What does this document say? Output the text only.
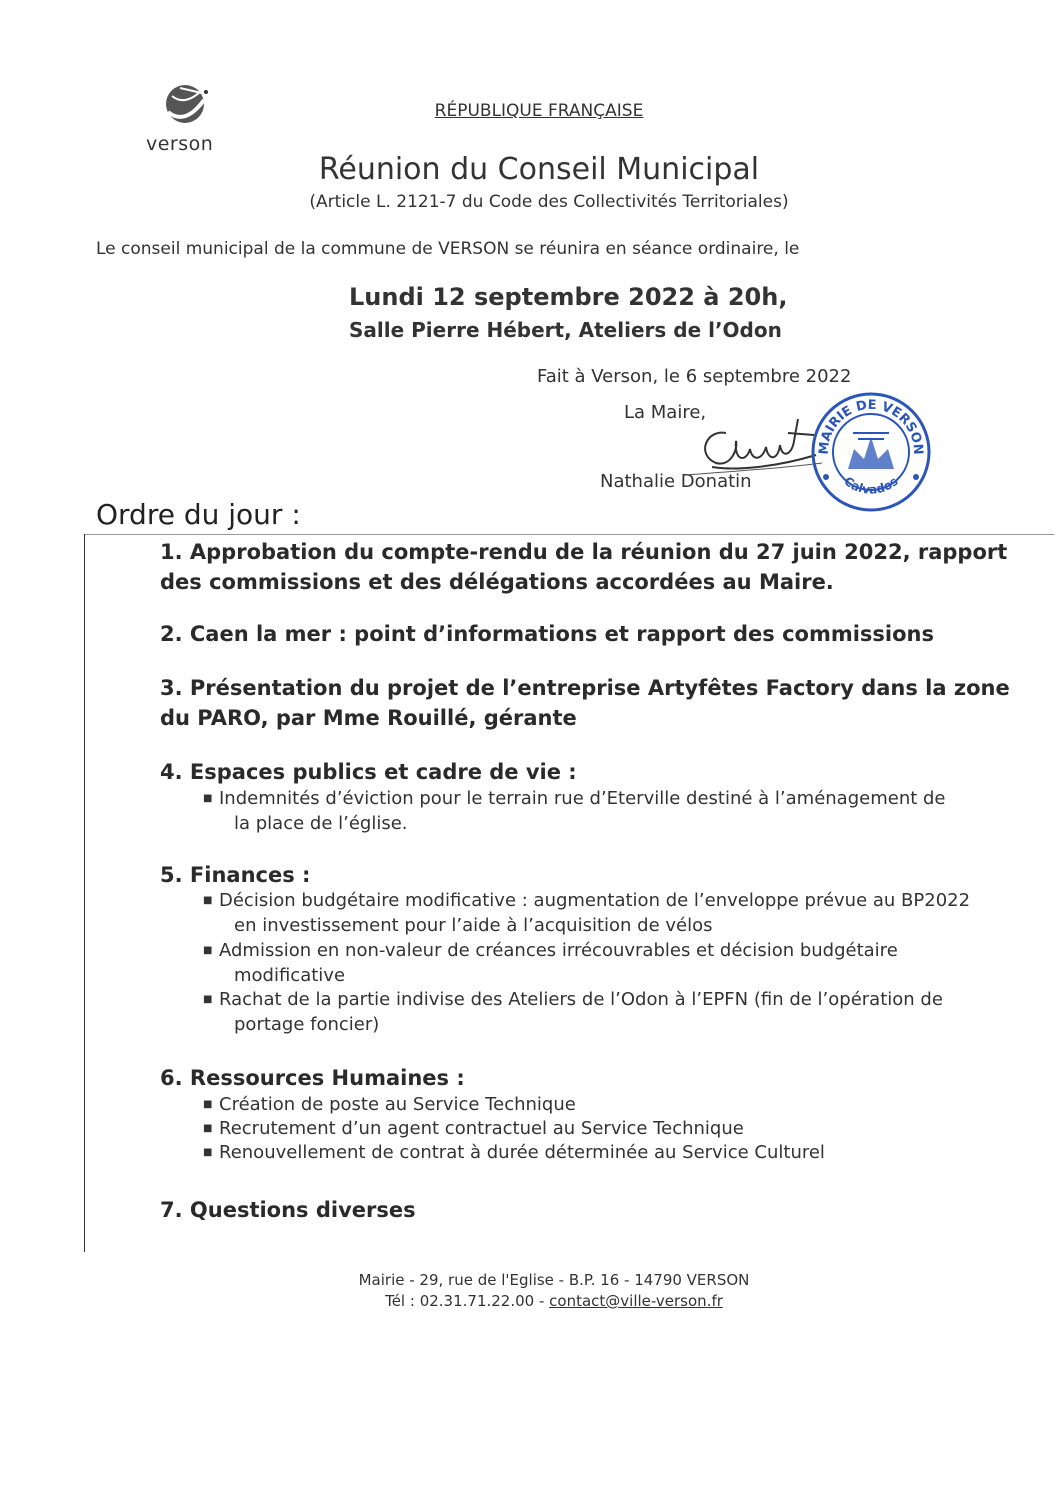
verson
RÉPUBLIQUE FRANÇAISE
Réunion du Conseil Municipal
(Article L. 2121-7 du Code des Collectivités Territoriales)
Le conseil municipal de la commune de VERSON se réunira en séance ordinaire, le
Lundi 12 septembre 2022 à 20h,
Salle Pierre Hébert, Ateliers de l’Odon
Fait à Verson, le 6 septembre 2022
La Maire,
Nathalie Donatin
MAIRIE DE VERSON
Calvados
Ordre du jour :
1. Approbation du compte-rendu de la réunion du 27 juin 2022, rapport
des commissions et des délégations accordées au Maire.
2. Caen la mer : point d’informations et rapport des commissions
3. Présentation du projet de l’entreprise Artyfêtes Factory dans la zone
du PARO, par Mme Rouillé, gérante
4. Espaces publics et cadre de vie :
■ Indemnités d’éviction pour le terrain rue d’Eterville destiné à l’aménagement de
la place de l’église.
5. Finances :
■ Décision budgétaire modificative : augmentation de l’enveloppe prévue au BP2022
en investissement pour l’aide à l’acquisition de vélos
■ Admission en non-valeur de créances irrécouvrables et décision budgétaire
modificative
■ Rachat de la partie indivise des Ateliers de l’Odon à l’EPFN (fin de l’opération de
portage foncier)
6. Ressources Humaines :
■ Création de poste au Service Technique
■ Recrutement d’un agent contractuel au Service Technique
■ Renouvellement de contrat à durée déterminée au Service Culturel
7. Questions diverses
Mairie - 29, rue de l'Eglise - B.P. 16 - 14790 VERSON
Tél : 02.31.71.22.00 - contact@ville-verson.fr
